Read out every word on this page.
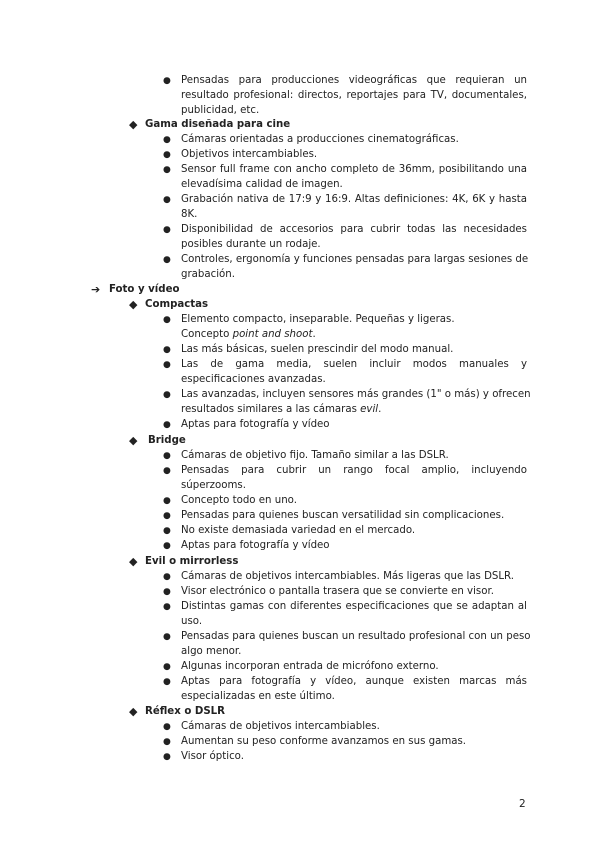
● Pensadas para producciones videográficas que requieran un
resultado profesional: directos, reportajes para TV, documentales,
publicidad, etc.
◆ Gama diseñada para cine
● Cámaras orientadas a producciones cinematográficas.
● Objetivos intercambiables.
● Sensor full frame con ancho completo de 36mm, posibilitando una
elevadísima calidad de imagen.
● Grabación nativa de 17:9 y 16:9. Altas definiciones: 4K, 6K y hasta
8K.
● Disponibilidad de accesorios para cubrir todas las necesidades
posibles durante un rodaje.
● Controles, ergonomía y funciones pensadas para largas sesiones de
grabación.
➔ Foto y vídeo
◆ Compactas
● Elemento compacto, inseparable. Pequeñas y ligeras.
Concepto point and shoot.
● Las más básicas, suelen prescindir del modo manual.
● Las de gama media, suelen incluir modos manuales y
especificaciones avanzadas.
● Las avanzadas, incluyen sensores más grandes (1" o más) y ofrecen
resultados similares a las cámaras evil.
● Aptas para fotografía y vídeo
◆ Bridge
● Cámaras de objetivo fijo. Tamaño similar a las DSLR.
● Pensadas para cubrir un rango focal amplio, incluyendo
súperzooms.
● Concepto todo en uno.
● Pensadas para quienes buscan versatilidad sin complicaciones.
● No existe demasiada variedad en el mercado.
● Aptas para fotografía y vídeo
◆ Evil o mirrorless
● Cámaras de objetivos intercambiables. Más ligeras que las DSLR.
● Visor electrónico o pantalla trasera que se convierte en visor.
● Distintas gamas con diferentes especificaciones que se adaptan al
uso.
● Pensadas para quienes buscan un resultado profesional con un peso
algo menor.
● Algunas incorporan entrada de micrófono externo.
● Aptas para fotografía y vídeo, aunque existen marcas más
especializadas en este último.
◆ Réflex o DSLR
● Cámaras de objetivos intercambiables.
● Aumentan su peso conforme avanzamos en sus gamas.
● Visor óptico.
2
